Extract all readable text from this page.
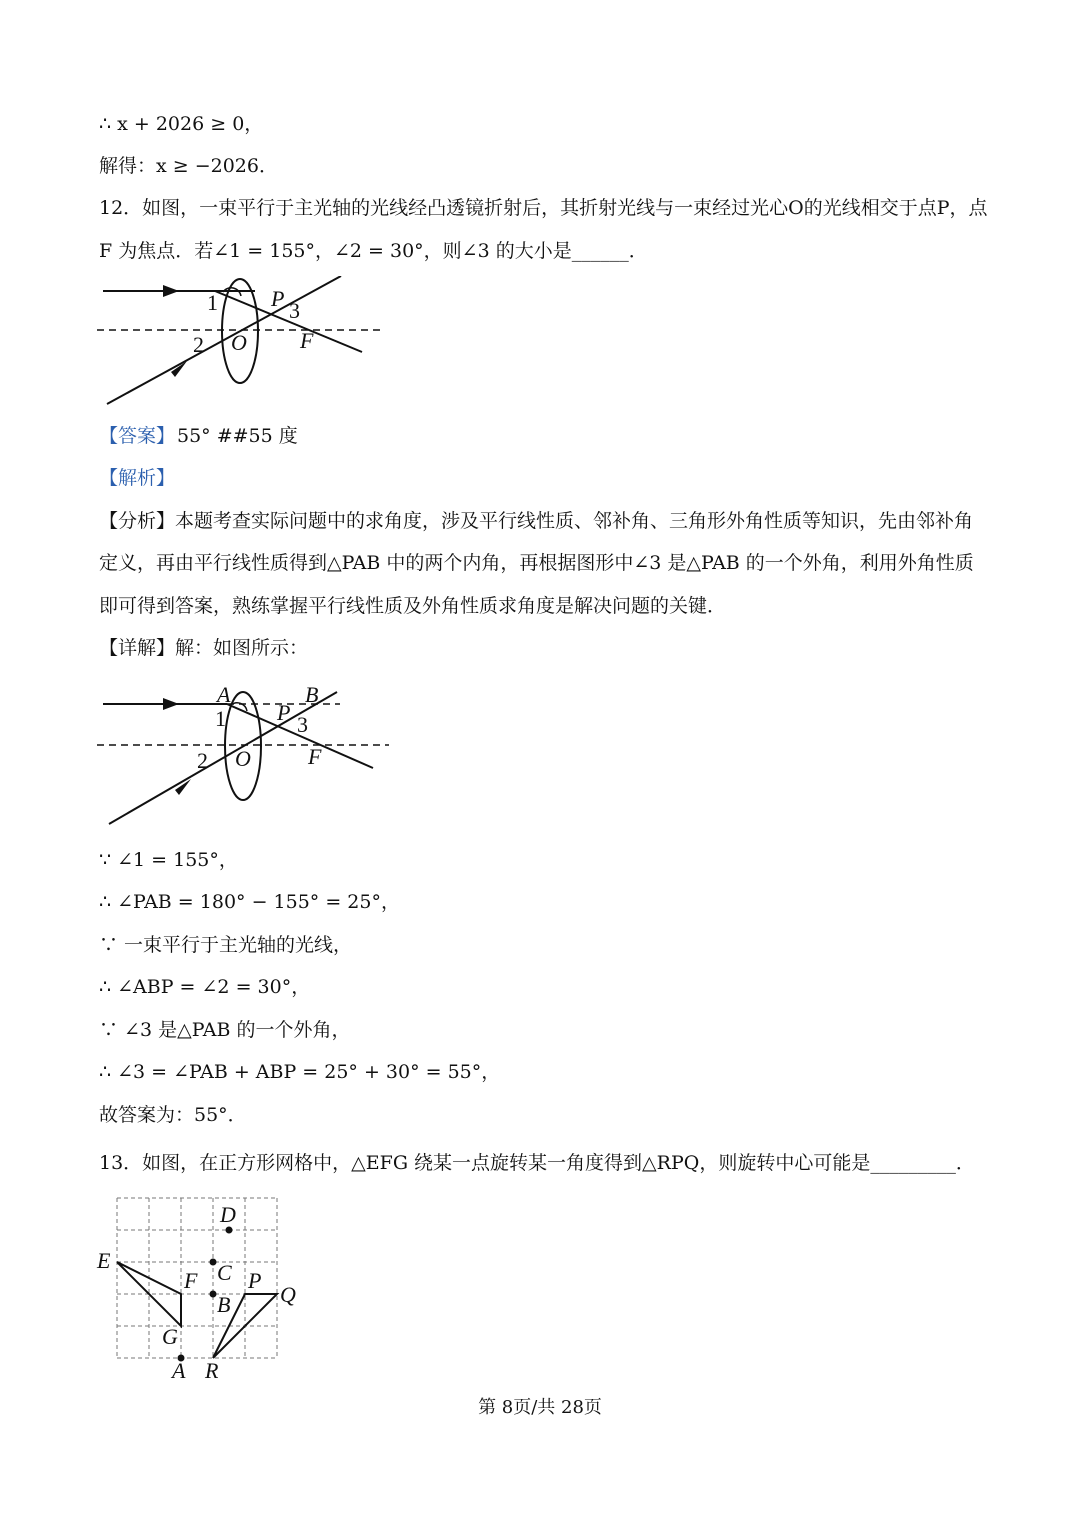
∴ x + 2026 ≥ 0，
解得：x ≥ −2026．
12．如图，一束平行于主光轴的光线经凸透镜折射后，其折射光线与一束经过光心O的光线相交于点P，点
F 为焦点．若∠1 = 155°，∠2 = 30°，则∠3 的大小是______．
1 P 3
2 O F
【答案】 55° ##55 度
【解析】
【分析】本题考查实际问题中的求角度，涉及平行线性质、邻补角、三角形外角性质等知识，先由邻补角
定义，再由平行线性质得到△PAB 中的两个内角，再根据图形中∠3 是△PAB 的一个外角，利用外角性质
即可得到答案，熟练掌握平行线性质及外角性质求角度是解决问题的关键．
【详解】解：如图所示：
A	B
1 P 3
2 O	F
∵ ∠1 = 155°，
∴ ∠PAB = 180° − 155° = 25°，
∵ 一束平行于主光轴的光线，
∴ ∠ABP = ∠2 = 30°，
∵ ∠3 是△PAB 的一个外角，
∴ ∠3 = ∠PAB + ABP = 25° + 30° = 55°，
故答案为：55°．
13．如图，在正方形网格中，△EFG 绕某一点旋转某一角度得到△RPQ，则旋转中心可能是_________．
D
E
F C P
Q
B
G
A R
第 8页/共 28页
